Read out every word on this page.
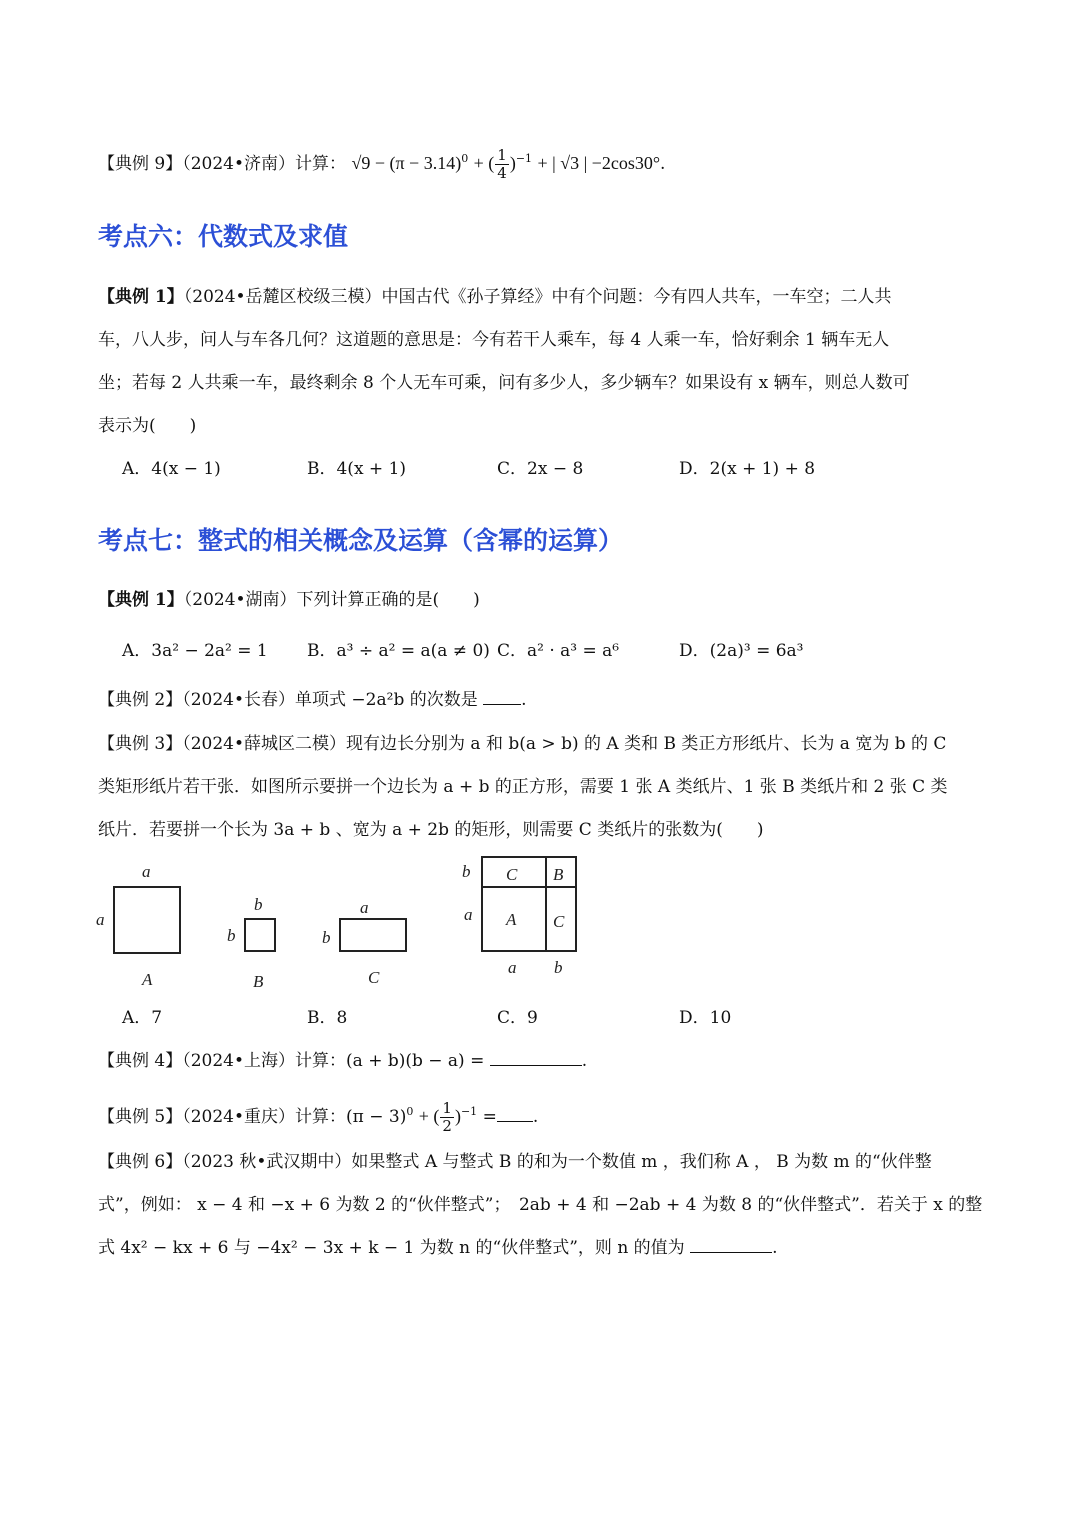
【典例 9】（2024•济南）计算： $√9 - (\pi - 3.14)^0$ + ( $\frac{1}{4} )^{-1}$ + | √3 | −2cos30°.
考点六：代数式及求值
【典例 1】（2024•岳麓区校级三模）中国古代《孙子算经》中有个问题：今有四人共车，一车空；二人共
车，八人步，问人与车各几何？这道题的意思是：今有若干人乘车，每 4 人乘一车，恰好剩余 1 辆车无人
坐；若每 2 人共乘一车，最终剩余 8 个人无车可乘，问有多少人，多少辆车？如果设有 x 辆车，则总人数可
表示为(　　)
A．4(x − 1)	B．4(x + 1)	C．2x − 8	D．2(x + 1) + 8
考点七：整式的相关概念及运算（含幂的运算）
【典例 1】（2024•湖南）下列计算正确的是(　　)
A．3a² − 2a² = 1 B．a³ ÷ a² = a(a ≠ 0) C．a² · a³ = a⁶	D．(2a)³ = 6a³
【典例 2】（2024•长春）单项式 −2a²b 的次数是	.
【典例 3】（2024•薛城区二模）现有边长分别为 a 和 b(a > b) 的 A 类和 B 类正方形纸片、长为 a 宽为 b 的 C
类矩形纸片若干张．如图所示要拼一个边长为 a + b 的正方形，需要 1 张 A 类纸片、1 张 B 类纸片和 2 张 C 类
纸片．若要拼一个长为 3a + b 、宽为 a + 2b 的矩形，则需要 C 类纸片的张数为(　　)
a
a
A
b
b
B
a
b
C
b
a
C B
A C
a b
A．7	B．8	C．9	D．10
【典例 4】（2024•上海）计算：(a + b)(b − a) =	.
【典例 5】（2024•重庆）计算：$(\pi - 3)^0$ + ( $\frac{1}{2} )^{-1}$ = .
【典例 6】（2023 秋•武汉期中）如果整式 A 与整式 B 的和为一个数值 m ，我们称 A ， B 为数 m 的“伙伴整
式”，例如： x − 4 和 −x + 6 为数 2 的“伙伴整式”；　2ab + 4 和 −2ab + 4 为数 8 的“伙伴整式”．若关于 x 的整
式 4x² − kx + 6 与 −4x² − 3x + k − 1 为数 n 的“伙伴整式”，则 n 的值为	.
